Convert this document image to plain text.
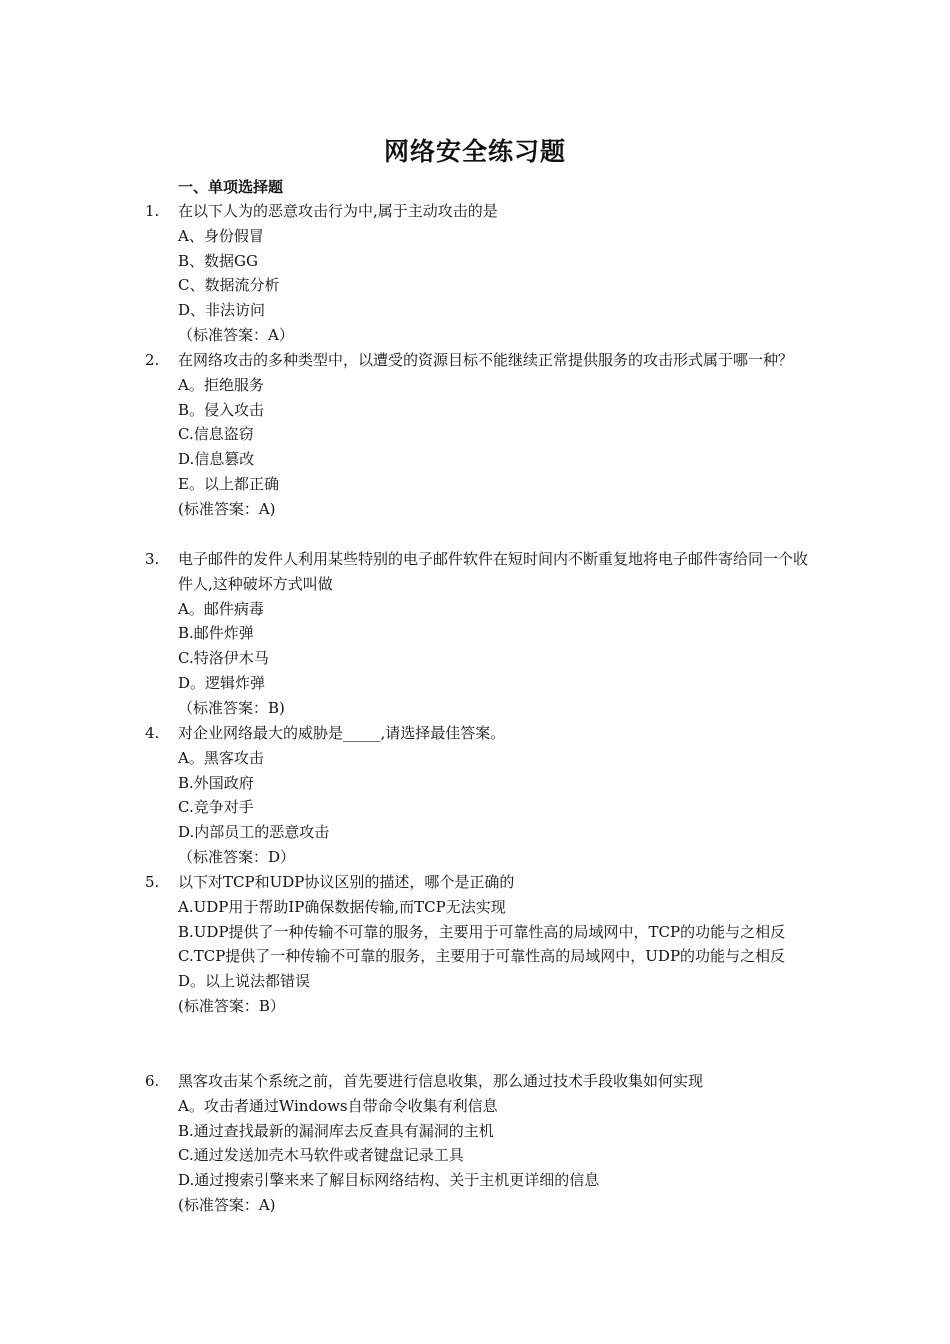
网络安全练习题
一、单项选择题
1.	在以下人为的恶意攻击行为中,属于主动攻击的是
A、身份假冒
B、数据GG
C、数据流分析
D、非法访问
（标准答案：A）
2.	在网络攻击的多种类型中，以遭受的资源目标不能继续正常提供服务的攻击形式属于哪一种？
A。拒绝服务
B。侵入攻击
C.信息盗窃
D.信息篡改
E。以上都正确
(标准答案：A)
3.	电子邮件的发件人利用某些特别的电子邮件软件在短时间内不断重复地将电子邮件寄给同一个收件人,这种破坏方式叫做
A。邮件病毒
B.邮件炸弹
C.特洛伊木马
D。逻辑炸弹
（标准答案：B)
4.	对企业网络最大的威胁是_____,请选择最佳答案。
A。黑客攻击
B.外国政府
C.竞争对手
D.内部员工的恶意攻击
（标准答案：D）
5.	以下对TCP和UDP协议区别的描述，哪个是正确的
A.UDP用于帮助IP确保数据传输,而TCP无法实现
B.UDP提供了一种传输不可靠的服务，主要用于可靠性高的局域网中，TCP的功能与之相反
C.TCP提供了一种传输不可靠的服务，主要用于可靠性高的局域网中，UDP的功能与之相反
D。以上说法都错误
(标准答案：B）
6.	黑客攻击某个系统之前，首先要进行信息收集，那么通过技术手段收集如何实现
A。攻击者通过Windows自带命令收集有利信息
B.通过查找最新的漏洞库去反查具有漏洞的主机
C.通过发送加壳木马软件或者键盘记录工具
D.通过搜索引擎来来了解目标网络结构、关于主机更详细的信息
(标准答案：A)
